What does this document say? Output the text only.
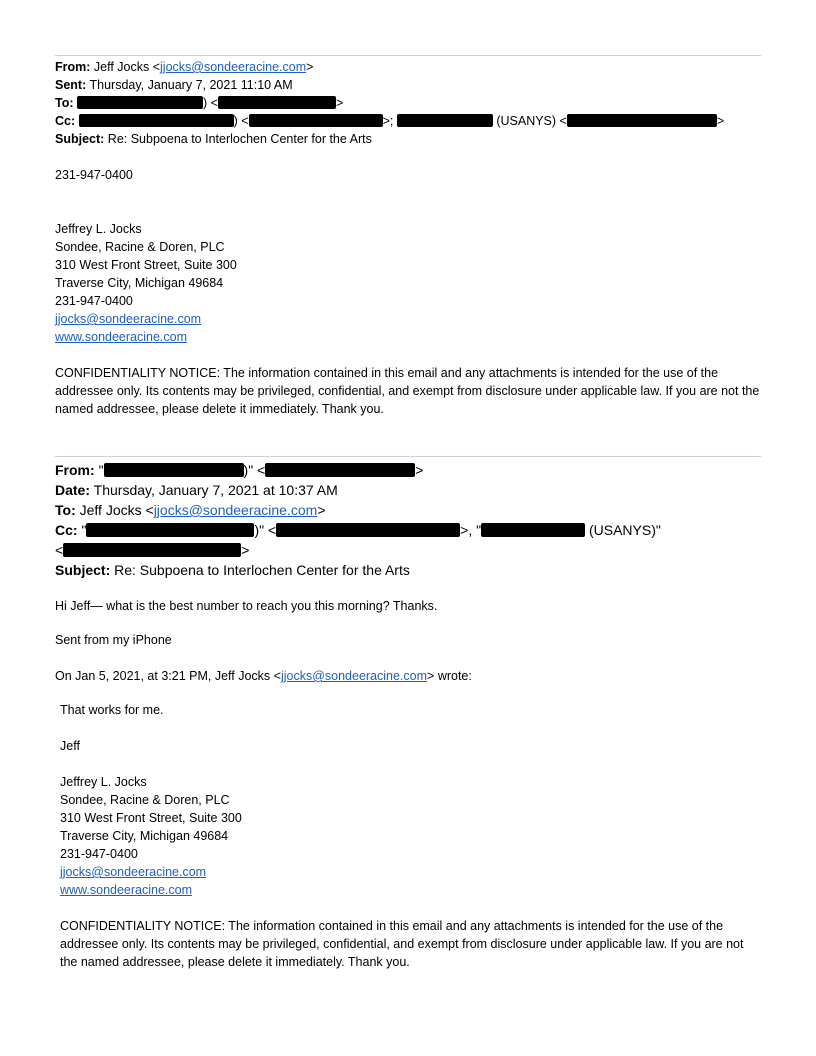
From: Jeff Jocks <jjocks@sondeeracine.com>
Sent: Thursday, January 7, 2021 11:10 AM
To:	) <	>
Cc:	) <	>;	(USANYS) <	>
Subject: Re: Subpoena to Interlochen Center for the Arts
231-947-0400
Jeffrey L. Jocks
Sondee, Racine & Doren, PLC
310 West Front Street, Suite 300
Traverse City, Michigan 49684
231-947-0400
jjocks@sondeeracine.com
www.sondeeracine.com
CONFIDENTIALITY NOTICE: The information contained in this email and any attachments is intended for the use of the addressee only. Its contents may be privileged, confidential, and exempt from disclosure under applicable law. If you are not the named addressee, please delete it immediately. Thank you.
From: "	)" <	>
Date: Thursday, January 7, 2021 at 10:37 AM
To: Jeff Jocks <jjocks@sondeeracine.com>
Cc: "	)" <	>, "	(USANYS)"
<	>
Subject: Re: Subpoena to Interlochen Center for the Arts
Hi Jeff— what is the best number to reach you this morning? Thanks.
Sent from my iPhone
On Jan 5, 2021, at 3:21 PM, Jeff Jocks <jjocks@sondeeracine.com> wrote:
That works for me.
Jeff
Jeffrey L. Jocks
Sondee, Racine & Doren, PLC
310 West Front Street, Suite 300
Traverse City, Michigan 49684
231-947-0400
jjocks@sondeeracine.com
www.sondeeracine.com
CONFIDENTIALITY NOTICE: The information contained in this email and any attachments is intended for the use of the addressee only. Its contents may be privileged, confidential, and exempt from disclosure under applicable law. If you are not the named addressee, please delete it immediately. Thank you.
